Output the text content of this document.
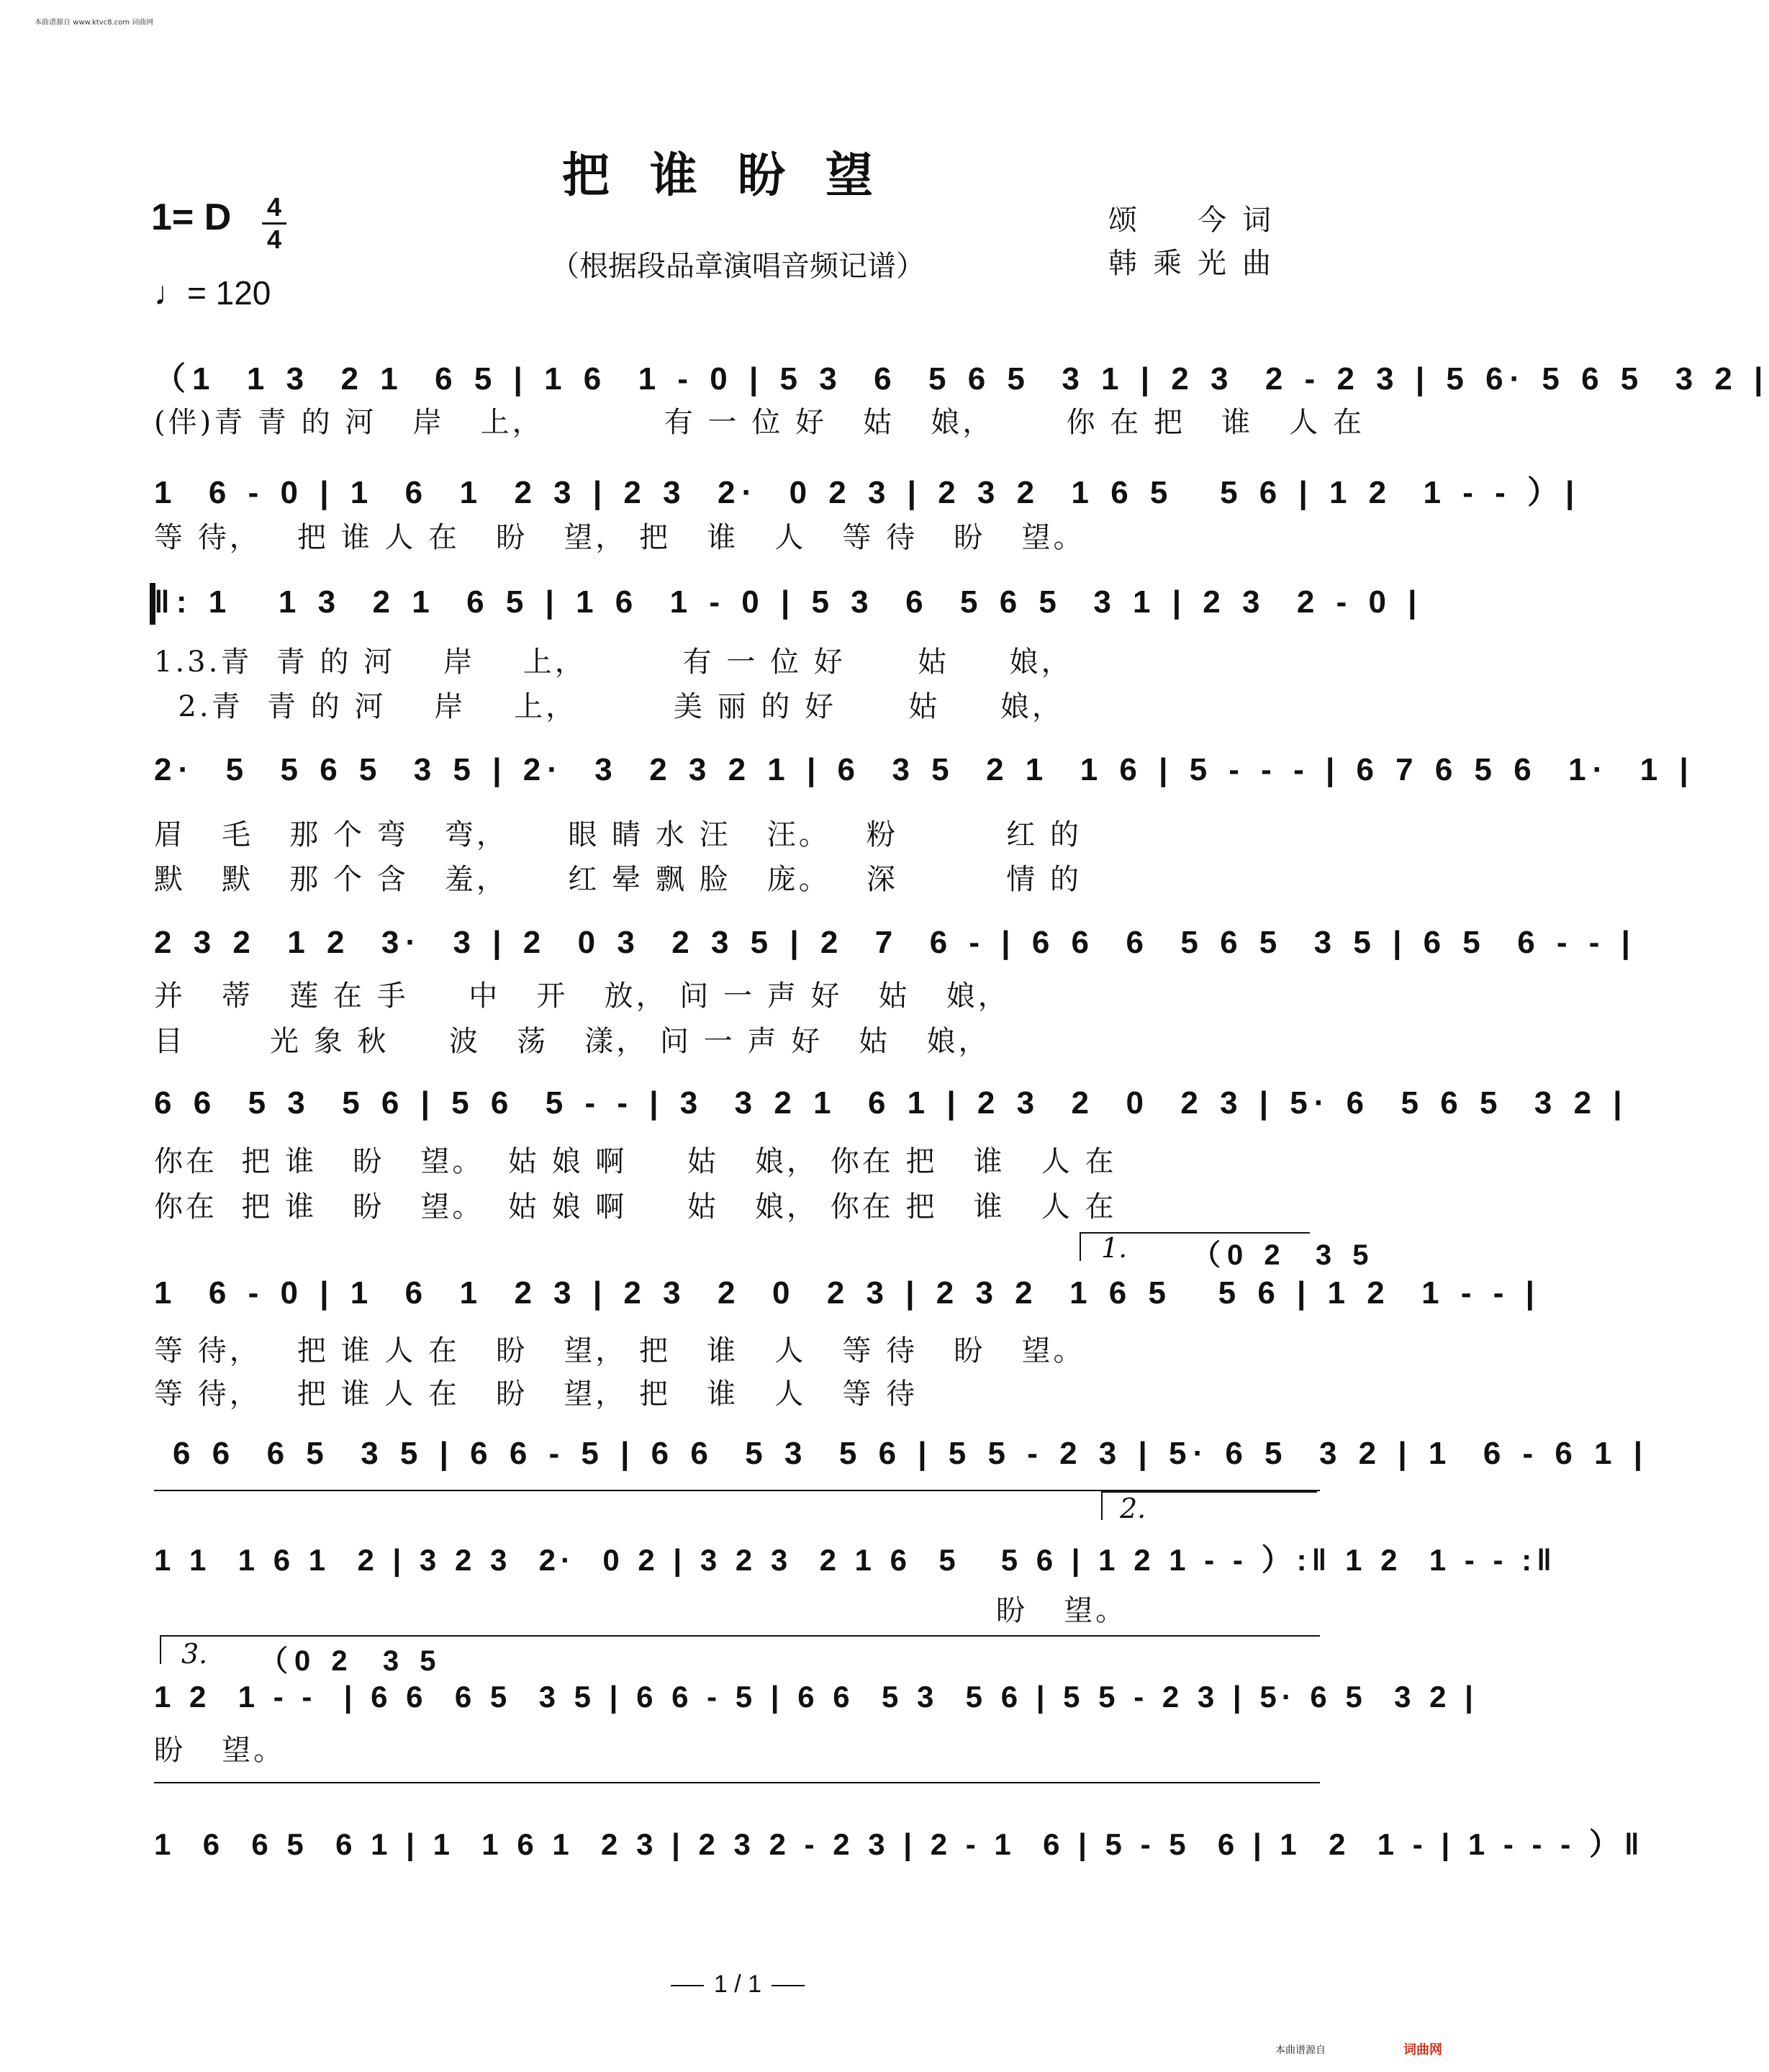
本曲谱源自 www.ktvc8.com 词曲网
把谁盼望
1= D 4
4
♩= 120
（根据段品章演唱音频记谱）
颂　今词
韩乘光曲
（1  1 3  2 1  6 5 | 1 6  1 - 0 | 5 3  6  5 6 5  3 1 | 2 3  2 - 2 3 | 5 6· 5 6 5  3 2 |
(伴)青 青 的 河   岸   上，          有 一 位 好   姑   娘，      你 在 把   谁   人 在
1  6 - 0 | 1  6  1  2 3 | 2 3  2·  0 2 3 | 2 3 2  1 6 5   5 6 | 1 2  1 - - ）|
等 待，   把 谁 人 在   盼   望， 把   谁   人   等 待   盼   望。
‖: 1   1 3  2 1  6 5 | 1 6  1 - 0 | 5 3  6  5 6 5  3 1 | 2 3  2 - 0 |
1.3.青  青 的 河    岸    上，        有 一 位 好      姑     娘，
2.青  青 的 河    岸    上，        美 丽 的 好      姑     娘，
2·  5  5 6 5  3 5 | 2·  3  2 3 2 1 | 6  3 5  2 1  1 6 | 5 - - - | 6 7 6 5 6  1·  1 |
眉   毛   那 个 弯   弯，     眼 睛 水 汪   汪。   粉         红 的
默   默   那 个 含   羞，     红 晕 飘 脸   庞。   深         情 的
2 3 2  1 2  3·  3 | 2  0 3  2 3 5 | 2  7  6 - | 6 6  6  5 6 5  3 5 | 6 5  6 - - |
并   蒂   莲 在 手     中   开   放， 问 一 声 好   姑   娘，
目       光 象 秋     波   荡   漾， 问 一 声 好   姑   娘，
6 6  5 3  5 6 | 5 6  5 - - | 3  3 2 1  6 1 | 2 3  2  0  2 3 | 5· 6  5 6 5  3 2 |
你在  把 谁   盼   望。  姑 娘 啊     姑   娘， 你在 把   谁   人 在
你在  把 谁   盼   望。  姑 娘 啊     姑   娘， 你在 把   谁   人 在
1. （0 2  3 5
1  6 - 0 | 1  6  1  2 3 | 2 3  2  0  2 3 | 2 3 2  1 6 5   5 6 | 1 2  1 - - |
等 待，   把 谁 人 在   盼   望， 把   谁   人   等 待   盼   望。
等 待，   把 谁 人 在   盼   望， 把   谁   人   等 待
6 6  6 5  3 5 | 6 6 - 5 | 6 6  5 3  5 6 | 5 5 - 2 3 | 5· 6 5  3 2 | 1  6 - 6 1 |
2.
1 1  1 6 1  2 | 3 2 3  2·  0 2 | 3 2 3  2 1 6  5   5 6 | 1 2 1 - - ）:‖ 1 2  1 - - :‖
盼   望。
3. （0 2  3 5
1 2  1 - -  | 6 6  6 5  3 5 | 6 6 - 5 | 6 6  5 3  5 6 | 5 5 - 2 3 | 5· 6 5  3 2 |
盼   望。
1  6  6 5  6 1 | 1  1 6 1  2 3 | 2 3 2 - 2 3 | 2 - 1  6 | 5 - 5  6 | 1  2  1 - | 1 - - - ）‖
1 / 1
本曲谱源自	词曲网
